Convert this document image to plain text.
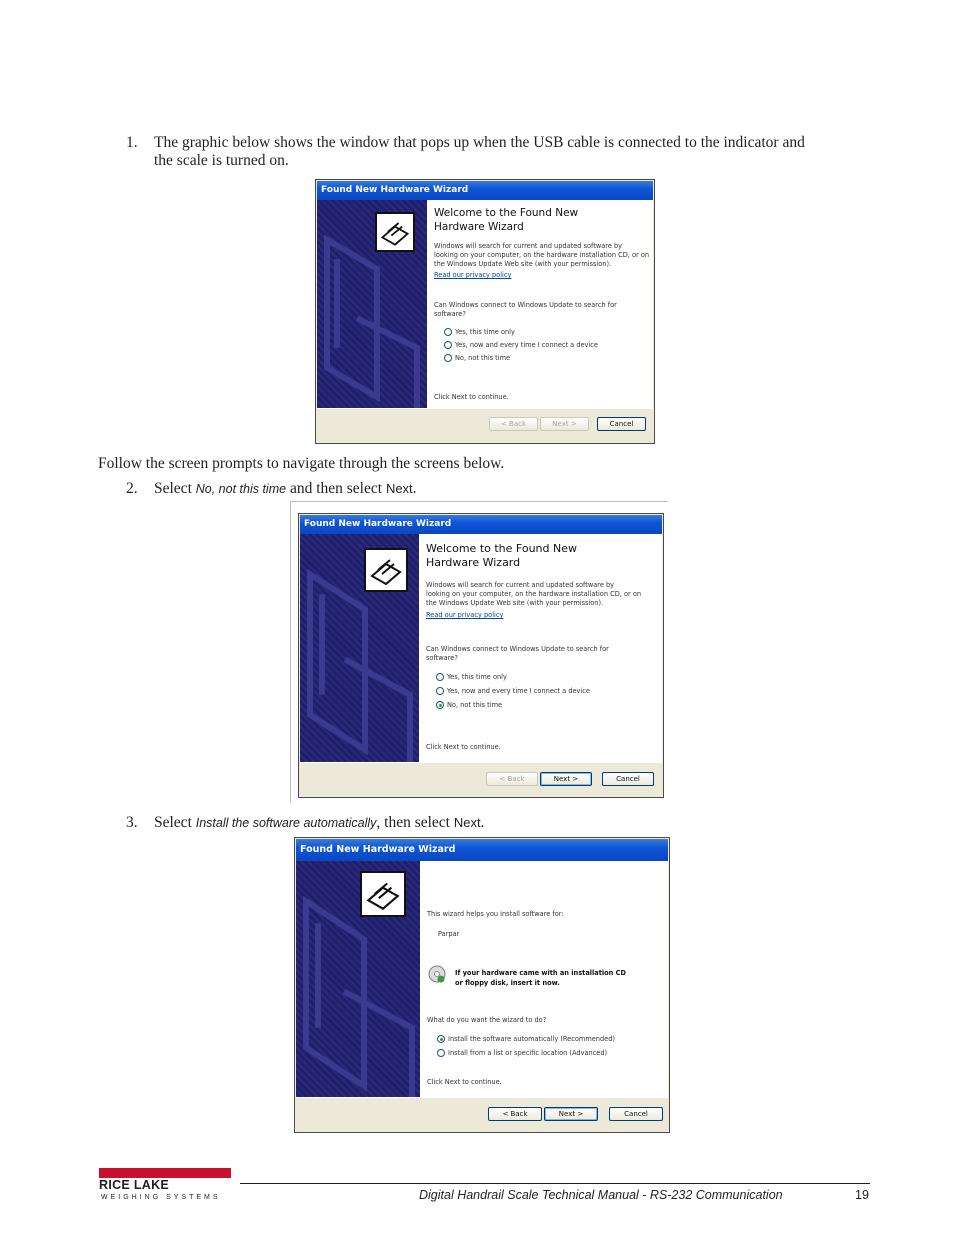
1. The graphic below shows the window that pops up when the USB cable is connected to the indicator and
the scale is turned on.
Found New Hardware Wizard
Welcome to the Found New
Hardware Wizard
Windows will search for current and updated software by
looking on your computer, on the hardware installation CD, or on
the Windows Update Web site (with your permission).
Read our privacy policy
Can Windows connect to Windows Update to search for
software?
Yes, this time only
Yes, now and every time I connect a device
No, not this time
Click Next to continue.
< Back	Next >	Cancel
Follow the screen prompts to navigate through the screens below.
2. Select No, not this time and then select Next.
Found New Hardware Wizard
Welcome to the Found New
Hardware Wizard
Windows will search for current and updated software by
looking on your computer, on the hardware installation CD, or on
the Windows Update Web site (with your permission).
Read our privacy policy
Can Windows connect to Windows Update to search for
software?
Yes, this time only
Yes, now and every time I connect a device
No, not this time
Click Next to continue.
< Back	Next >	Cancel
3. Select Install the software automatically, then select Next.
Found New Hardware Wizard
This wizard helps you install software for:
Parpar
If your hardware came with an installation CD
or floppy disk, insert it now.
What do you want the wizard to do?
Install the software automatically (Recommended)
Install from a list or specific location (Advanced)
Click Next to continue.
< Back	Next >	Cancel
RICE LAKE
WEIGHING SYSTEMS	Digital Handrail Scale Technical Manual - RS-232 Communication	19
